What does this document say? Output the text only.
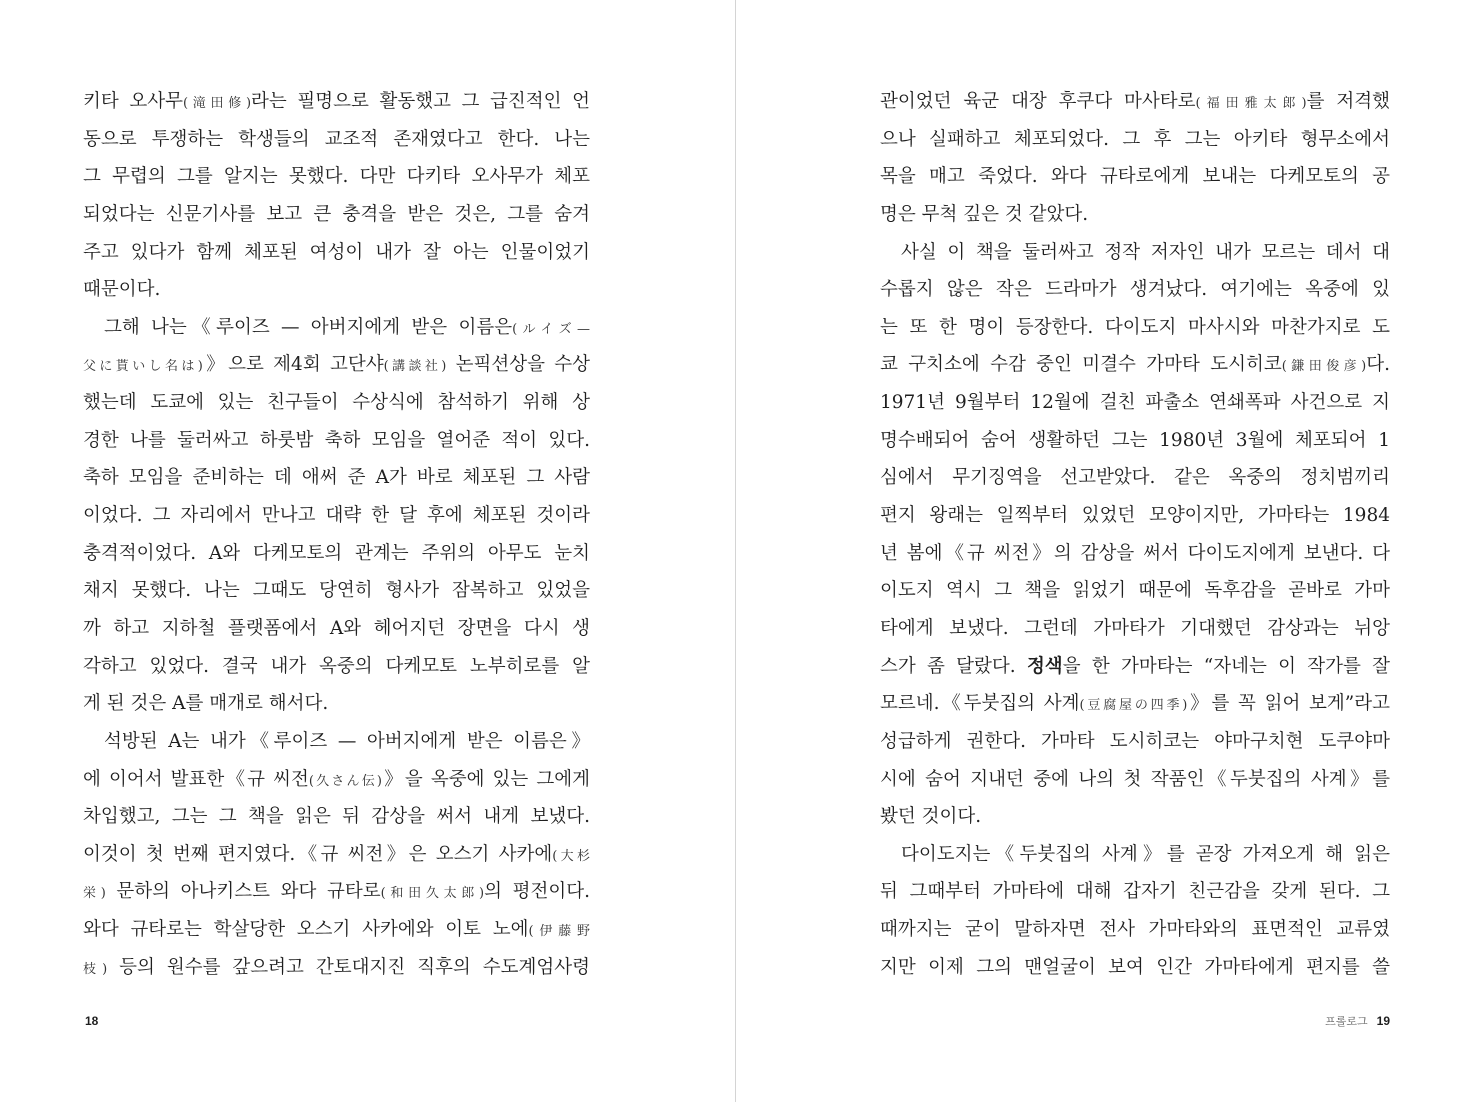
키타 오사무(滝田修)라는 필명으로 활동했고 그 급진적인 언
동으로 투쟁하는 학생들의 교조적 존재였다고 한다. 나는
그 무렵의 그를 알지는 못했다. 다만 다키타 오사무가 체포
되었다는 신문기사를 보고 큰 충격을 받은 것은, 그를 숨겨
주고 있다가 함께 체포된 여성이 내가 잘 아는 인물이었기
때문이다.
그해 나는《루이즈 — 아버지에게 받은 이름은(ルイズ—
父に貰いし名は)》으로 제4회 고단샤(講談社) 논픽션상을 수상
했는데 도쿄에 있는 친구들이 수상식에 참석하기 위해 상
경한 나를 둘러싸고 하룻밤 축하 모임을 열어준 적이 있다.
축하 모임을 준비하는 데 애써 준 A가 바로 체포된 그 사람
이었다. 그 자리에서 만나고 대략 한 달 후에 체포된 것이라
충격적이었다. A와 다케모토의 관계는 주위의 아무도 눈치
채지 못했다. 나는 그때도 당연히 형사가 잠복하고 있었을
까 하고 지하철 플랫폼에서 A와 헤어지던 장면을 다시 생
각하고 있었다. 결국 내가 옥중의 다케모토 노부히로를 알
게 된 것은 A를 매개로 해서다.
석방된 A는 내가《루이즈 — 아버지에게 받은 이름은》
에 이어서 발표한《규 씨전(久さん伝)》을 옥중에 있는 그에게
차입했고, 그는 그 책을 읽은 뒤 감상을 써서 내게 보냈다.
이것이 첫 번째 편지였다.《규 씨전》은 오스기 사카에(大杉
栄) 문하의 아나키스트 와다 규타로(和田久太郎)의 평전이다.
와다 규타로는 학살당한 오스기 사카에와 이토 노에(伊藤野
枝) 등의 원수를 갚으려고 간토대지진 직후의 수도계엄사령
관이었던 육군 대장 후쿠다 마사타로(福田雅太郎)를 저격했
으나 실패하고 체포되었다. 그 후 그는 아키타 형무소에서
목을 매고 죽었다. 와다 규타로에게 보내는 다케모토의 공
명은 무척 깊은 것 같았다.
사실 이 책을 둘러싸고 정작 저자인 내가 모르는 데서 대
수롭지 않은 작은 드라마가 생겨났다. 여기에는 옥중에 있
는 또 한 명이 등장한다. 다이도지 마사시와 마찬가지로 도
쿄 구치소에 수감 중인 미결수 가마타 도시히코(鎌田俊彦)다.
1971년 9월부터 12월에 걸친 파출소 연쇄폭파 사건으로 지
명수배되어 숨어 생활하던 그는 1980년 3월에 체포되어 1
심에서 무기징역을 선고받았다. 같은 옥중의 정치범끼리
편지 왕래는 일찍부터 있었던 모양이지만, 가마타는 1984
년 봄에《규 씨전》의 감상을 써서 다이도지에게 보낸다. 다
이도지 역시 그 책을 읽었기 때문에 독후감을 곧바로 가마
타에게 보냈다. 그런데 가마타가 기대했던 감상과는 뉘앙
스가 좀 달랐다. 정색을 한 가마타는 “자네는 이 작가를 잘
모르네.《두붓집의 사계(豆腐屋の四季)》를 꼭 읽어 보게”라고
성급하게 권한다. 가마타 도시히코는 야마구치현 도쿠야마
시에 숨어 지내던 중에 나의 첫 작품인《두붓집의 사계》를
봤던 것이다.
다이도지는《두붓집의 사계》를 곧장 가져오게 해 읽은
뒤 그때부터 가마타에 대해 갑자기 친근감을 갖게 된다. 그
때까지는 굳이 말하자면 전사 가마타와의 표면적인 교류였
지만 이제 그의 맨얼굴이 보여 인간 가마타에게 편지를 쓸
18	프롤로그 19
